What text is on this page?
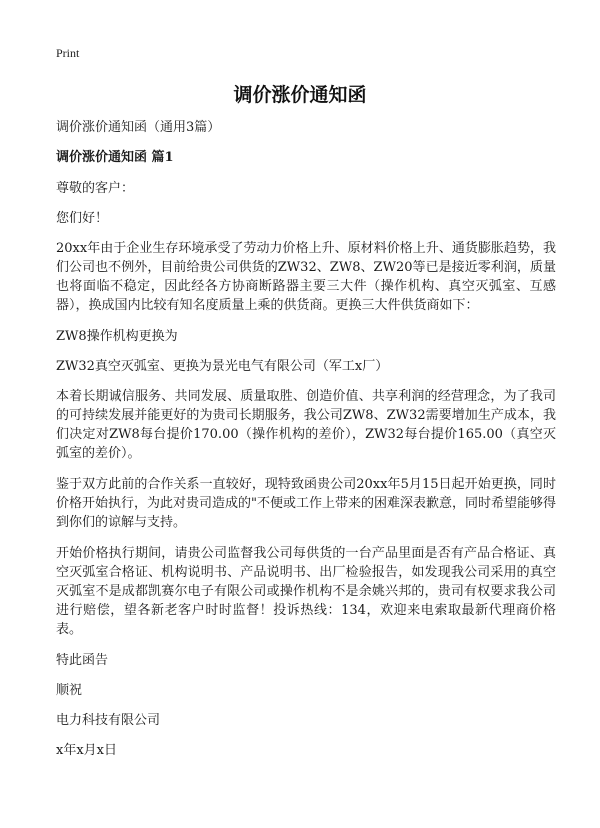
Print
调价涨价通知函

调价涨价通知函（通用3篇）

调价涨价通知函 篇1

尊敬的客户：

您们好！

20xx年由于企业生存环境承受了劳动力价格上升、原材料价格上升、通货膨胀趋势，我们公司也不例外，目前给贵公司供货的ZW32、ZW8、ZW20等已是接近零利润，质量也将面临不稳定，因此经各方协商断路器主要三大件（操作机构、真空灭弧室、互感器），换成国内比较有知名度质量上乘的供货商。更换三大件供货商如下：

ZW8操作机构更换为

ZW32真空灭弧室、更换为景光电气有限公司（军工x厂）

本着长期诚信服务、共同发展、质量取胜、创造价值、共享利润的经营理念，为了我司的可持续发展并能更好的为贵司长期服务，我公司ZW8、ZW32需要增加生产成本，我们决定对ZW8每台提价170.00（操作机构的差价），ZW32每台提价165.00（真空灭弧室的差价）。

鉴于双方此前的合作关系一直较好，现特致函贵公司20xx年5月15日起开始更换，同时价格开始执行，为此对贵司造成的"不便或工作上带来的困难深表歉意，同时希望能够得到你们的谅解与支持。

开始价格执行期间，请贵公司监督我公司每供货的一台产品里面是否有产品合格证、真空灭弧室合格证、机构说明书、产品说明书、出厂检验报告，如发现我公司采用的真空灭弧室不是成都凯赛尔电子有限公司或操作机构不是余姚兴邦的，贵司有权要求我公司进行赔偿，望各新老客户时时监督！投诉热线：134，欢迎来电索取最新代理商价格表。

特此函告

顺祝

电力科技有限公司

x年x月x日
